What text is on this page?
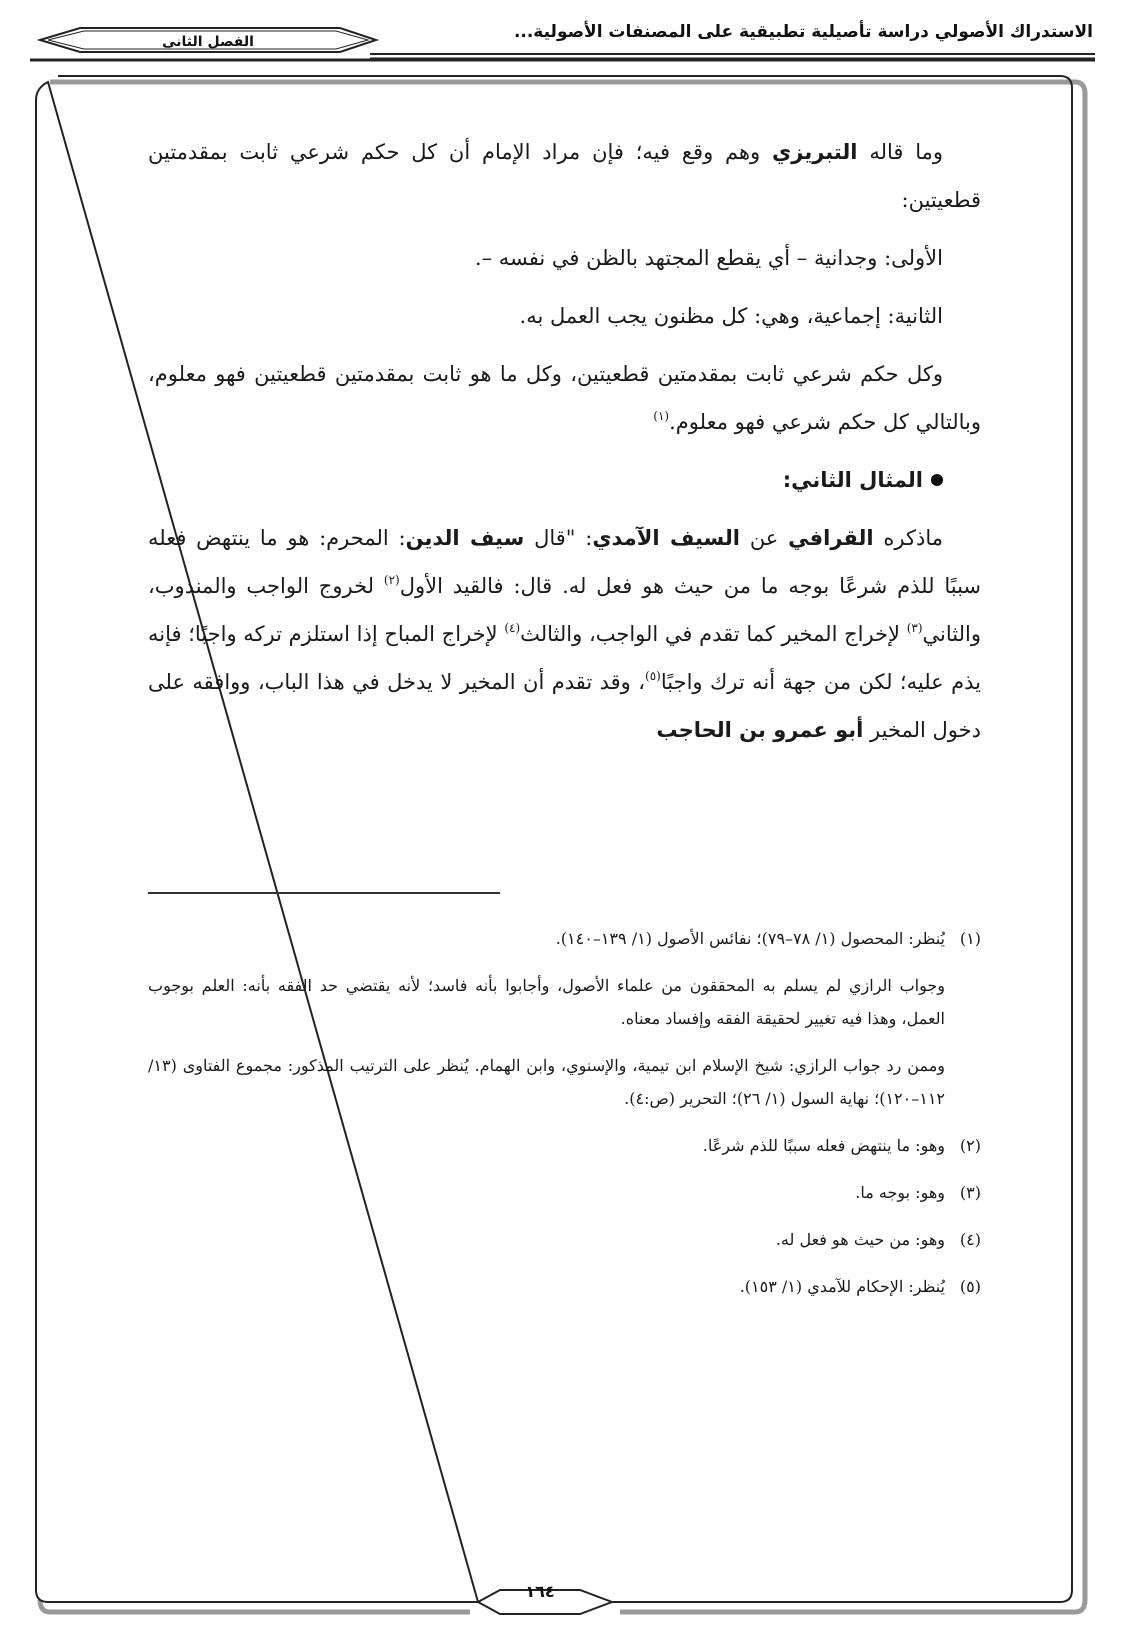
الاستدراك الأصولي دراسة تأصيلية تطبيقية على المصنفات الأصولية...
الفصل الثاني

وما قاله التبريزي وهم وقع فيه؛ فإن مراد الإمام أن كل حكم شرعي ثابت بمقدمتين قطعيتين:

الأولى: وجدانية – أي يقطع المجتهد بالظن في نفسه –.

الثانية: إجماعية، وهي: كل مظنون يجب العمل به.

وكل حكم شرعي ثابت بمقدمتين قطعيتين، وكل ما هو ثابت بمقدمتين قطعيتين فهو معلوم، وبالتالي كل حكم شرعي فهو معلوم.$^{(١)}$

المثال الثاني:

ماذكره القرافي عن السيف الآمدي: "قال سيف الدين: المحرم: هو ما ينتهض فعله سببًا للذم شرعًا بوجه ما من حيث هو فعل له. قال: فالقيد الأول$^{(٢)}$ لخروج الواجب والمندوب، والثاني$^{(٣)}$ لإخراج المخير كما تقدم في الواجب، والثالث$^{(٤)}$ لإخراج المباح إذا استلزم تركه واجبًا؛ فإنه يذم عليه؛ لكن من جهة أنه ترك واجبًا$^{(٥)}$، وقد تقدم أن المخير لا يدخل في هذا الباب، ووافقه على دخول المخير أبو عمرو بن الحاجب

(١)
يُنظر: المحصول (١/ ٧٨–٧٩)؛ نفائس الأصول (١/ ١٣٩–١٤٠).

وجواب الرازي لم يسلم به المحققون من علماء الأصول، وأجابوا بأنه فاسد؛ لأنه يقتضي حد الفقه بأنه: العلم بوجوب العمل، وهذا فيه تغيير لحقيقة الفقه وإفساد معناه.

وممن رد جواب الرازي: شيخ الإسلام ابن تيمية، والإسنوي، وابن الهمام. يُنظر على الترتيب المذكور: مجموع الفتاوى (١٣/ ١١٢–١٢٠)؛ نهاية السول (١/ ٢٦)؛ التحرير (ص:٤).

(٢)
وهو: ما ينتهض فعله سببًا للذم شرعًا.

(٣)
وهو: بوجه ما.

(٤)
وهو: من حيث هو فعل له.

(٥)
يُنظر: الإحكام للآمدي (١/ ١٥٣).

١٦٤
